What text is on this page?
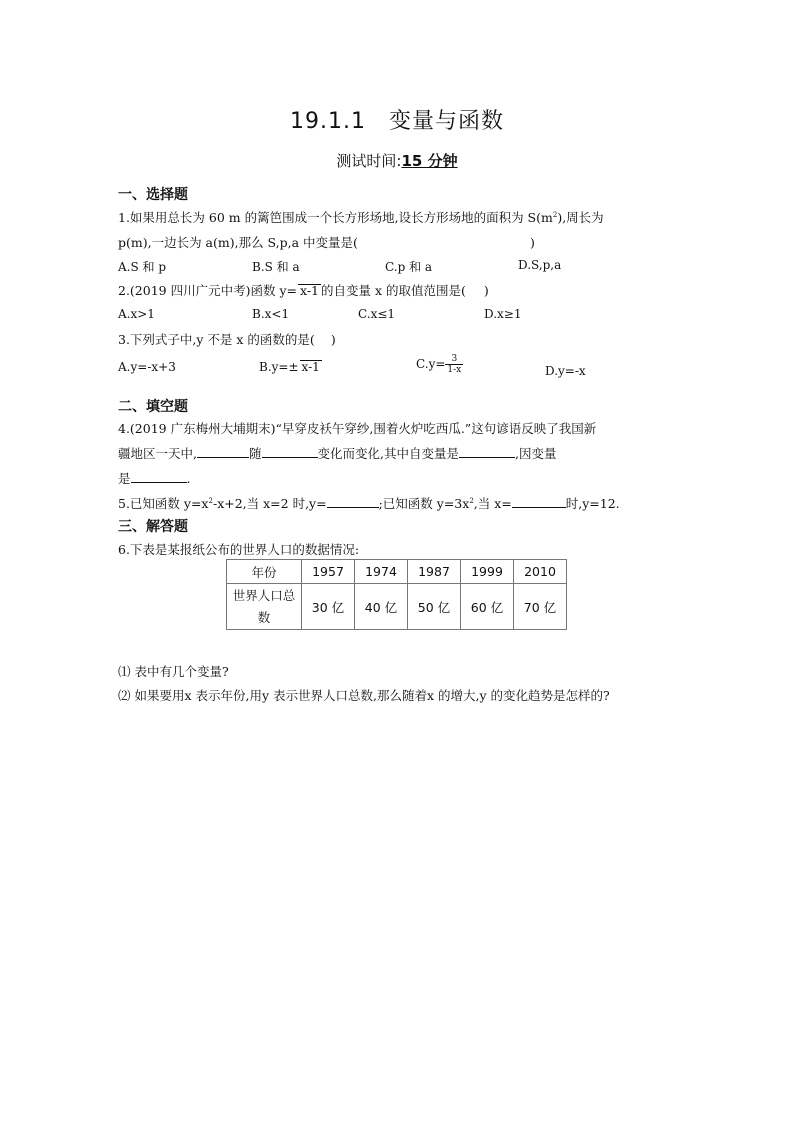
19.1.1　变量与函数
测试时间:15 分钟
一、选择题
1.如果用总长为 60 m 的篱笆围成一个长方形场地,设长方形场地的面积为 $S(m^2)$,周长为
p(m),一边长为 a(m),那么 S,p,a 中变量是(	)
A.S 和 p	B.S 和 a	C.p 和 a	D.S,p,a
2.(2019 四川广元中考)函数 y= x-1 的自变量 x 的取值范围是( )
A.x>1	B.x<1	C.x≤1	D.x≥1
3.下列式子中,y 不是 x 的函数的是( )
A.y=-x+3	B.y=± x-1	$C.y= \frac{3}{1-x}$	D.y=-x
二、填空题
4.(2019 广东梅州大埔期末)“早穿皮袄午穿纱,围着火炉吃西瓜.”这句谚语反映了我国新
疆地区一天中,	随	变化而变化,其中自变量是	,因变量
是	.
5.已知函数 $y=x^2-x+2$,当 x=2 时,y=	;已知函数 $y=3x^2$,当 x=	时,y=12.
三、解答题
6.下表是某报纸公布的世界人口的数据情况:
年份	1957	1974	1987	1999	2010
世界人口总数	30 亿	40 亿	50 亿	60 亿	70 亿
⑴ 表中有几个变量?
⑵ 如果要用x 表示年份,用y 表示世界人口总数,那么随着x 的增大,y 的变化趋势是怎样的?
